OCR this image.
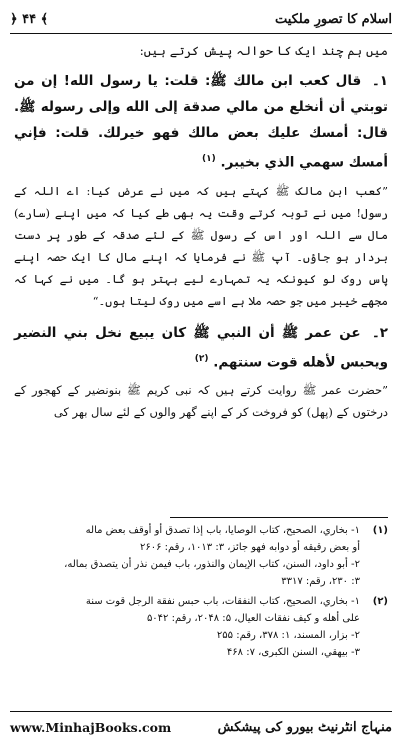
اسلام کا تصورِ ملکیت
﴾ ۴۴ ﴿

میں ہم چند ایک کا حوالہ پیش کرتے ہیں:

۱۔ قال كعب ابن مالك ﷺ: قلت: يا رسول الله! إن من توبتي أن أنخلع من مالي صدقة إلى الله وإلى رسوله ﷺ. قال: أمسك عليك بعض مالك فهو خيرلك. قلت: فإني أمسك سهمي الذي بخيبر. $^{(۱)}$

”کعب ابن مالک ﷺ کہتے ہیں کہ میں نے عرض کیا: اے اللہ کے رسول! میں نے توبہ کرتے وقت یہ بھی طے کیا کہ میں اپنے (سارے) مال سے اللہ اور اس کے رسول ﷺ کے لئے صدقہ کے طور پر دست بردار ہو جاؤں۔ آپ ﷺ نے فرمایا کہ اپنے مال کا ایک حصہ اپنے پاس روک لو کیونکہ یہ تمہارے لیے بہتر ہو گا۔ میں نے کہا کہ مجھے خیبر میں جو حصہ ملا ہے اسے میں روک لیتا ہوں۔“

۲۔ عن عمر ﷺ أن النبي ﷺ كان يبيع نخل بني النضير ويحبس لأهله قوت سنتهم. $^{(۲)}$

”حضرت عمر ﷺ روایت کرتے ہیں کہ نبی کریم ﷺ بنونضیر کے کھجور کے درختوں کے (پھل) کو فروخت کر کے اپنے گھر والوں کے لئے سال بھر کی

(۱)
۱- بخاري، الصحيح، كتاب الوصايا، باب إذا تصدق أو أوقف بعض ماله
أو بعض رقيقه أو دوابه فهو جائز، ۳: ۱۰۱۳، رقم: ۲۶۰۶
۲- أبو داود، السنن، كتاب الإيمان والنذور، باب فيمن نذر أن يتصدق بماله،
۳: ۲۳۰، رقم: ۳۳۱۷
(۲)
۱- بخاري، الصحيح، كتاب النفقات، باب حبس نفقة الرجل قوت سنة
على أهله و كيف نفقات العيال، ۵: ۲۰۴۸، رقم: ۵۰۴۲
۲- بزار، المسند، ۱: ۳۷۸، رقم: ۲۵۵
۳- بيهقي، السنن الكبرى، ۷: ۴۶۸
www.MinhajBooks.com	منہاج انٹرنیٹ بیورو کی پیشکش
